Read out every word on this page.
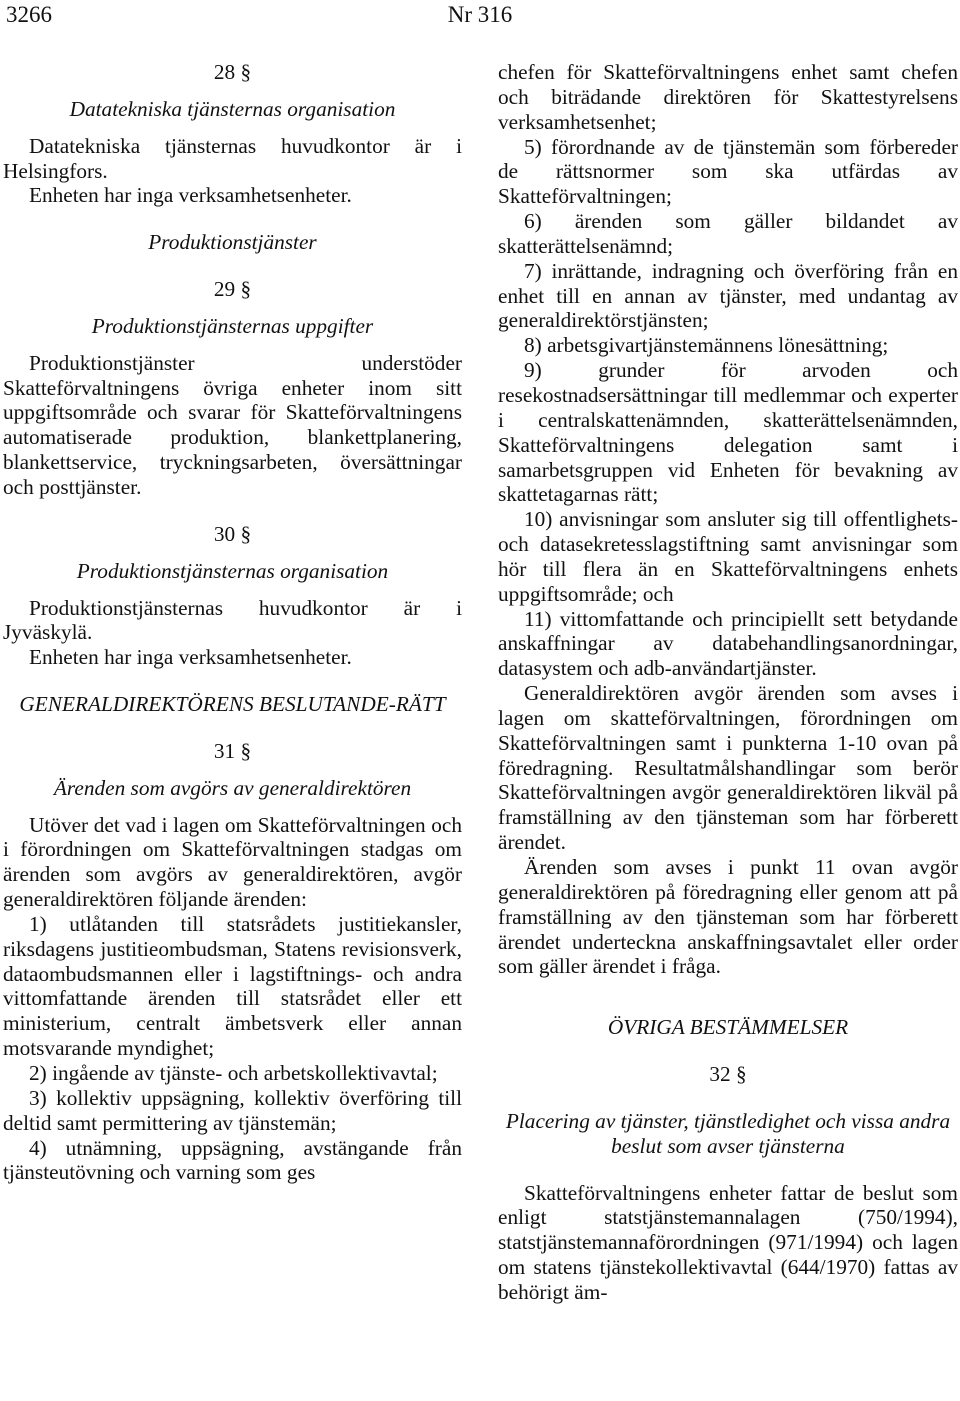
3266	Nr 316

28 §

Datatekniska tjänsternas organisation

Datatekniska tjänsternas huvudkontor är i Helsingfors.

Enheten har inga verksamhetsenheter.

Produktionstjänster

29 §

Produktionstjänsternas uppgifter

Produktionstjänster understöder Skatteförvaltningens övriga enheter inom sitt uppgiftsområde och svarar för Skatteförvaltningens automatiserade produktion, blankettplanering, blankettservice, tryckningsarbeten, översättningar och posttjänster.

30 §

Produktionstjänsternas organisation

Produktionstjänsternas huvudkontor är i Jyväskylä.

Enheten har inga verksamhetsenheter.

GENERALDIREKTÖRENS BESLUTANDE-RÄTT

31 §

Ärenden som avgörs av generaldirektören

Utöver det vad i lagen om Skatteförvaltningen och i förordningen om Skatteförvaltningen stadgas om ärenden som avgörs av generaldirektören, avgör generaldirektören följande ärenden:

1) utlåtanden till statsrådets justitiekansler, riksdagens justitieombudsman, Statens revisionsverk, dataombudsmannen eller i lagstiftnings- och andra vittomfattande ärenden till statsrådet eller ett ministerium, centralt ämbetsverk eller annan motsvarande myndighet;

2) ingående av tjänste- och arbetskollektivavtal;

3) kollektiv uppsägning, kollektiv överföring till deltid samt permittering av tjänstemän;

4) utnämning, uppsägning, avstängande från tjänsteutövning och varning som ges

chefen för Skatteförvaltningens enhet samt chefen och biträdande direktören för Skattestyrelsens verksamhetsenhet;

5) förordnande av de tjänstemän som förbereder de rättsnormer som ska utfärdas av Skatteförvaltningen;

6) ärenden som gäller bildandet av skatterättelsenämnd;

7) inrättande, indragning och överföring från en enhet till en annan av tjänster, med undantag av generaldirektörstjänsten;

8) arbetsgivartjänstemännens lönesättning;

9) grunder för arvoden och resekostnadsersättningar till medlemmar och experter i centralskattenämnden, skatterättelsenämnden, Skatteförvaltningens delegation samt i samarbetsgruppen vid Enheten för bevakning av skattetagarnas rätt;

10) anvisningar som ansluter sig till offentlighets- och datasekretesslagstiftning samt anvisningar som hör till flera än en Skatteförvaltningens enhets uppgiftsområde; och

11) vittomfattande och principiellt sett betydande anskaffningar av databehandlingsanordningar, datasystem och adb-användartjänster.

Generaldirektören avgör ärenden som avses i lagen om skatteförvaltningen, förordningen om Skatteförvaltningen samt i punkterna 1-10 ovan på föredragning. Resultatmålshandlingar som berör Skatteförvaltningen avgör generaldirektören likväl på framställning av den tjänsteman som har förberett ärendet.

Ärenden som avses i punkt 11 ovan avgör generaldirektören på föredragning eller genom att på framställning av den tjänsteman som har förberett ärendet underteckna anskaffningsavtalet eller order som gäller ärendet i fråga.

ÖVRIGA BESTÄMMELSER

32 §

Placering av tjänster, tjänstledighet och vissa andra beslut som avser tjänsterna

Skatteförvaltningens enheter fattar de beslut som enligt statstjänstemannalagen (750/1994), statstjänstemannaförordningen (971/1994) och lagen om statens tjänstekollektivavtal (644/1970) fattas av behörigt äm-
